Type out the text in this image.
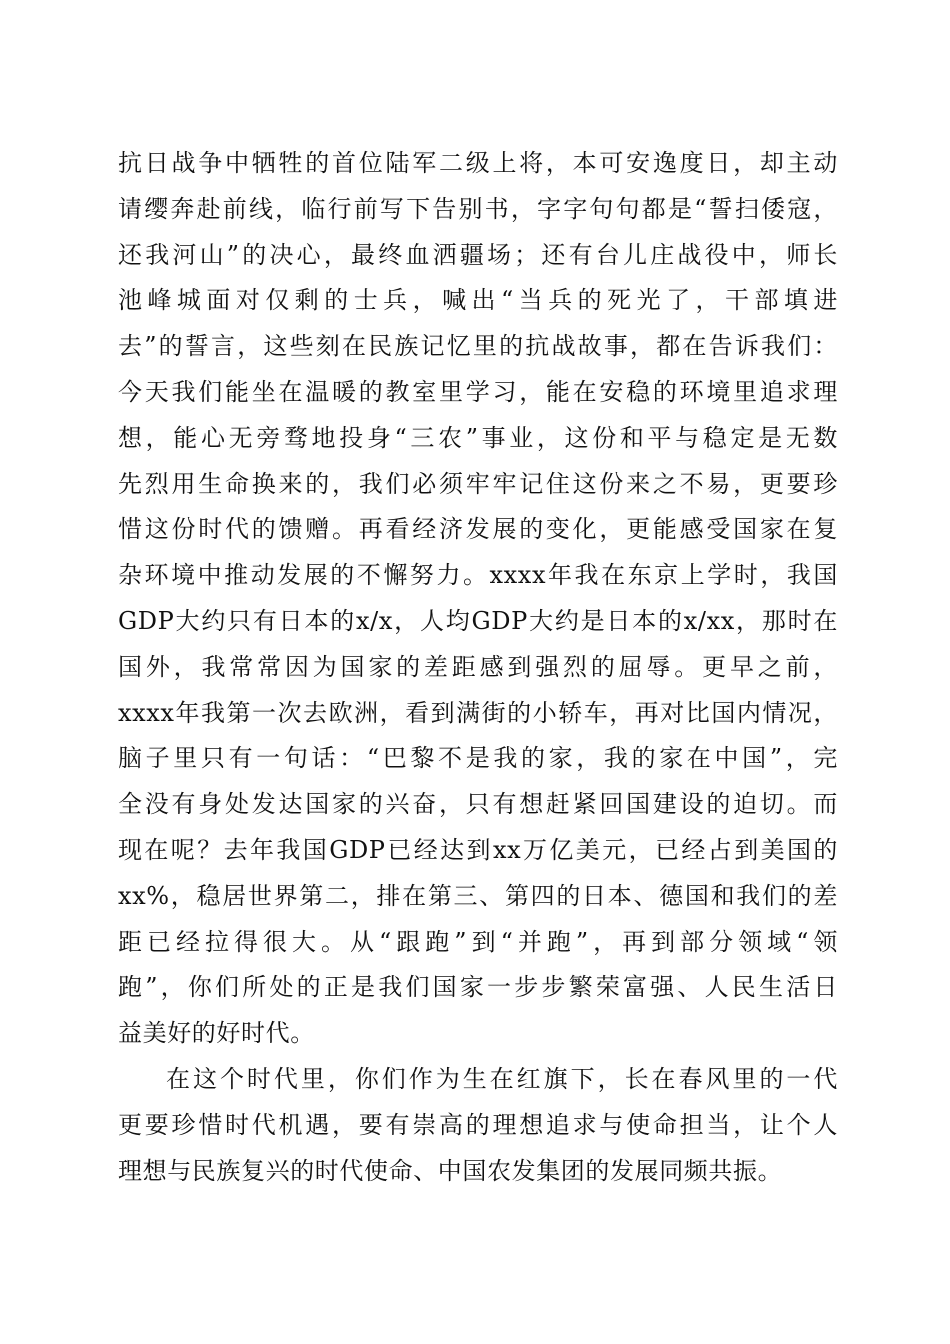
抗日战争中牺牲的首位陆军二级上将，本可安逸度日，却主动
请缨奔赴前线，临行前写下告别书，字字句句都是“誓扫倭寇，
还我河山”的决心，最终血洒疆场；还有台儿庄战役中，师长
池峰城面对仅剩的士兵，喊出“当兵的死光了，干部填进
去”的誓言，这些刻在民族记忆里的抗战故事，都在告诉我们：
今天我们能坐在温暖的教室里学习，能在安稳的环境里追求理
想，能心无旁骛地投身“三农”事业，这份和平与稳定是无数
先烈用生命换来的，我们必须牢牢记住这份来之不易，更要珍
惜这份时代的馈赠。再看经济发展的变化，更能感受国家在复
杂环境中推动发展的不懈努力。xxxx年我在东京上学时，我国
GDP大约只有日本的x/x，人均GDP大约是日本的x/xx，那时在
国外，我常常因为国家的差距感到强烈的屈辱。更早之前，
xxxx年我第一次去欧洲，看到满街的小轿车，再对比国内情况，
脑子里只有一句话：“巴黎不是我的家，我的家在中国”，完
全没有身处发达国家的兴奋，只有想赶紧回国建设的迫切。而
现在呢？去年我国GDP已经达到xx万亿美元，已经占到美国的
xx%，稳居世界第二，排在第三、第四的日本、德国和我们的差
距已经拉得很大。从“跟跑”到“并跑”，再到部分领域“领
跑”，你们所处的正是我们国家一步步繁荣富强、人民生活日
益美好的好时代。
在这个时代里，你们作为生在红旗下，长在春风里的一代
更要珍惜时代机遇，要有崇高的理想追求与使命担当，让个人
理想与民族复兴的时代使命、中国农发集团的发展同频共振。
